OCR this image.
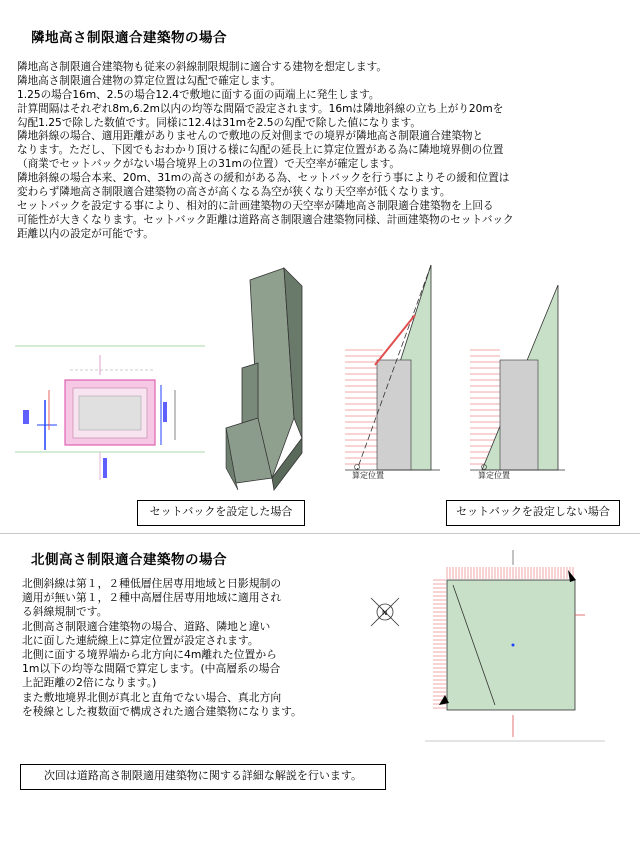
隣地高さ制限適合建築物の場合
隣地高さ制限適合建築物も従来の斜線制限規制に適合する建物を想定します。
隣地高さ制限適合建物の算定位置は勾配で確定します。
1.25の場合16m、2.5の場合12.4で敷地に面する面の両端上に発生します。
計算間隔はそれぞれ8m,6.2m以内の均等な間隔で設定されます。16mは隣地斜線の立ち上がり20mを
勾配1.25で除した数値です。同様に12.4は31mを2.5の勾配で除した値になります。
隣地斜線の場合、適用距離がありませんので敷地の反対側までの境界が隣地高さ制限適合建築物と
なります。ただし、下図でもおわかり頂ける様に勾配の延長上に算定位置がある為に隣地境界側の位置
（商業でセットバックがない場合境界上の31mの位置）で天空率が確定します。
隣地斜線の場合本来、20m、31mの高さの緩和がある為、セットバックを行う事によりその緩和位置は
変わらず隣地高さ制限適合建築物の高さが高くなる為空が狭くなり天空率が低くなります。
セットバックを設定する事により、相対的に計画建築物の天空率が隣地高さ制限適合建築物を上回る
可能性が大きくなります。セットバック距離は道路高さ制限適合建築物同様、計画建築物のセットバック
距離以内の設定が可能です。
算定位置	算定位置
セットバックを設定した場合	セットバックを設定しない場合
北側高さ制限適合建築物の場合
北側斜線は第１，２種低層住居専用地域と日影規制の
適用が無い第１，２種中高層住居専用地域に適用され
る斜線規制です。
北側高さ制限適合建築物の場合、道路、隣地と違い
北に面した連続線上に算定位置が設定されます。
北側に面する境界端から北方向に4m離れた位置から
1m以下の均等な間隔で算定します。(中高層系の場合
上記距離の2倍になります。)
また敷地境界北側が真北と直角でない場合、真北方向
を稜線とした複数面で構成された適合建築物になります。
N
次回は道路高さ制限適用建築物に関する詳細な解説を行います。
